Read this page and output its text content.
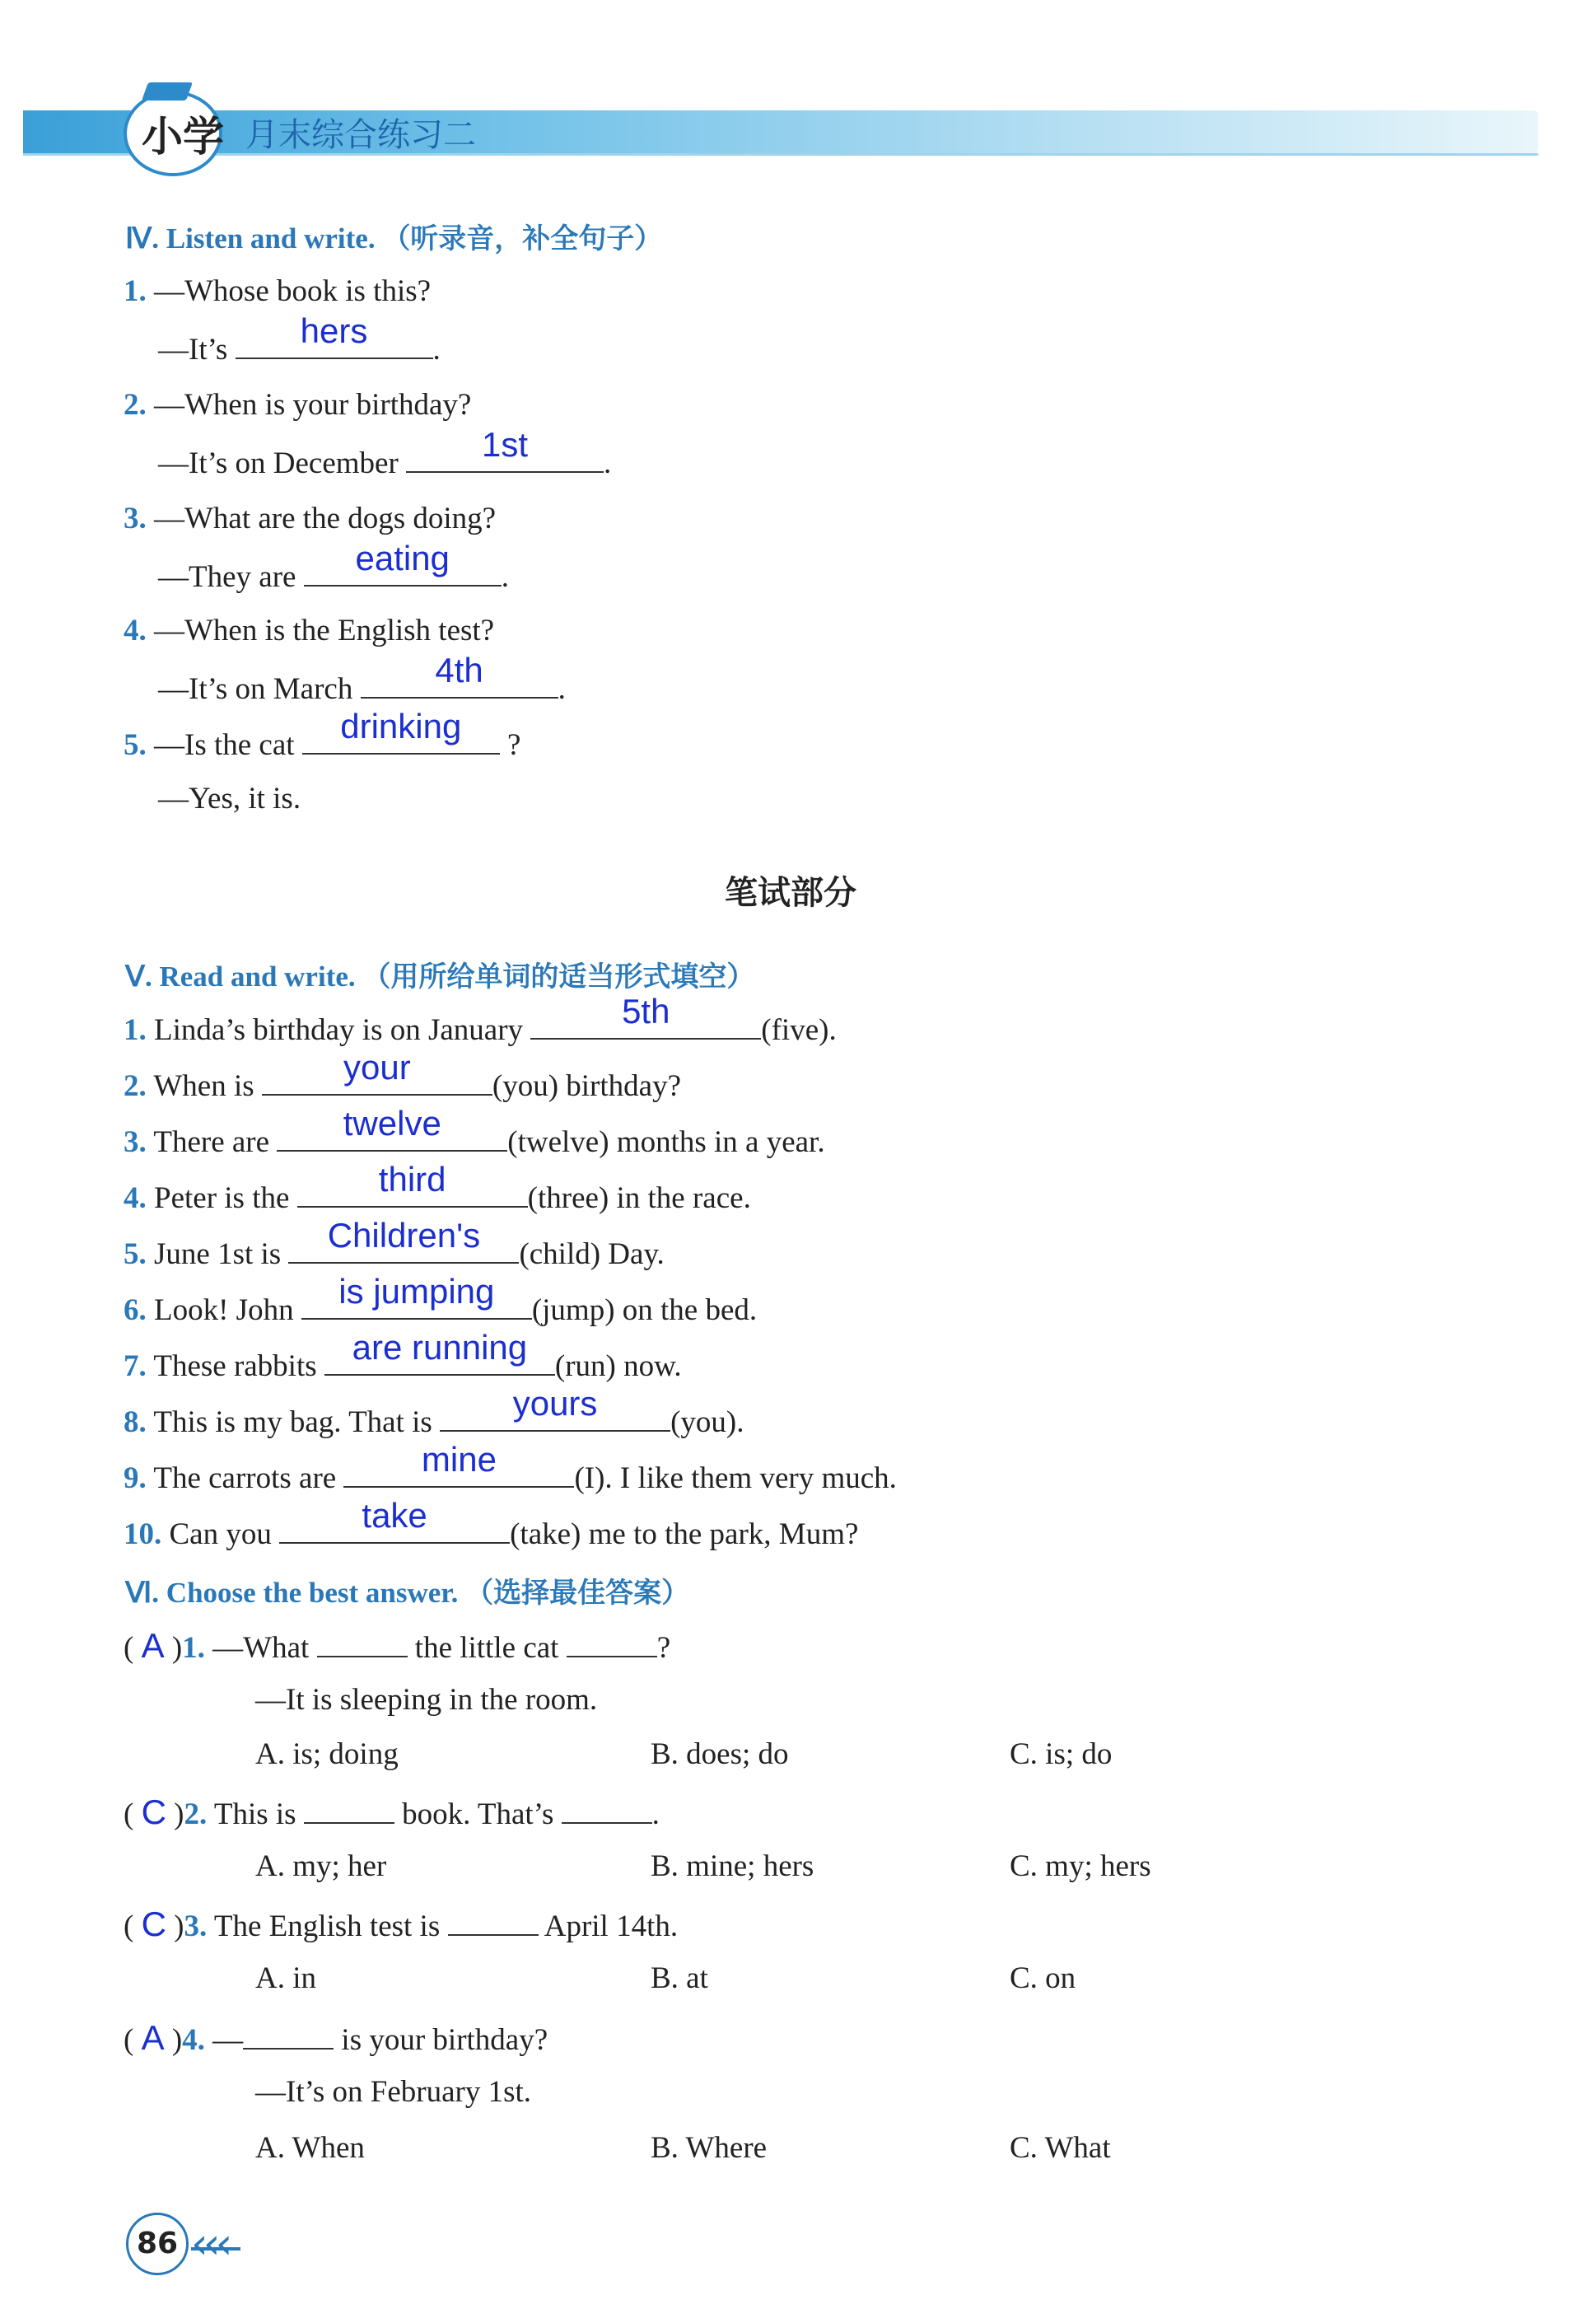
小学 月末综合练习二
Ⅳ. Listen and write. （听录音，补全句子）
1. —Whose book is this?
—It’s	hers	.
2. —When is your birthday?
—It’s on December	1st	.
3. —What are the dogs doing?
—They are	eating	.
4. —When is the English test?
—It’s on March	4th	.
5. —Is the cat	drinking	?
—Yes, it is.
笔试部分
Ⅴ. Read and write. （用所给单词的适当形式填空）
1. Linda’s birthday is on January	5th	(five).
2. When is	your	(you) birthday?
3. There are	twelve	(twelve) months in a year.
4. Peter is the	third	(three) in the race.
5. June 1st is	Children's	(child) Day.
6. Look! John	is jumping	(jump) on the bed.
7. These rabbits	are running (run) now.
8. This is my bag. That is	yours	(you).
9. The carrots are	mine	(I). I like them very much.
10. Can you	take	(take) me to the park, Mum?
Ⅵ. Choose the best answer. （选择最佳答案）
( A )1. —What	the little cat	?
—It is sleeping in the room.
A. is; doing	B. does; do	C. is; do
( C )2. This is	book. That’s	.
A. my; her	B. mine; hers	C. my; hers
( C )3. The English test is	April 14th.
A. in	B. at	C. on
( A )4. —	is your birthday?
—It’s on February 1st.
A. When	B. Where	C. What
86 ‹‹‹
